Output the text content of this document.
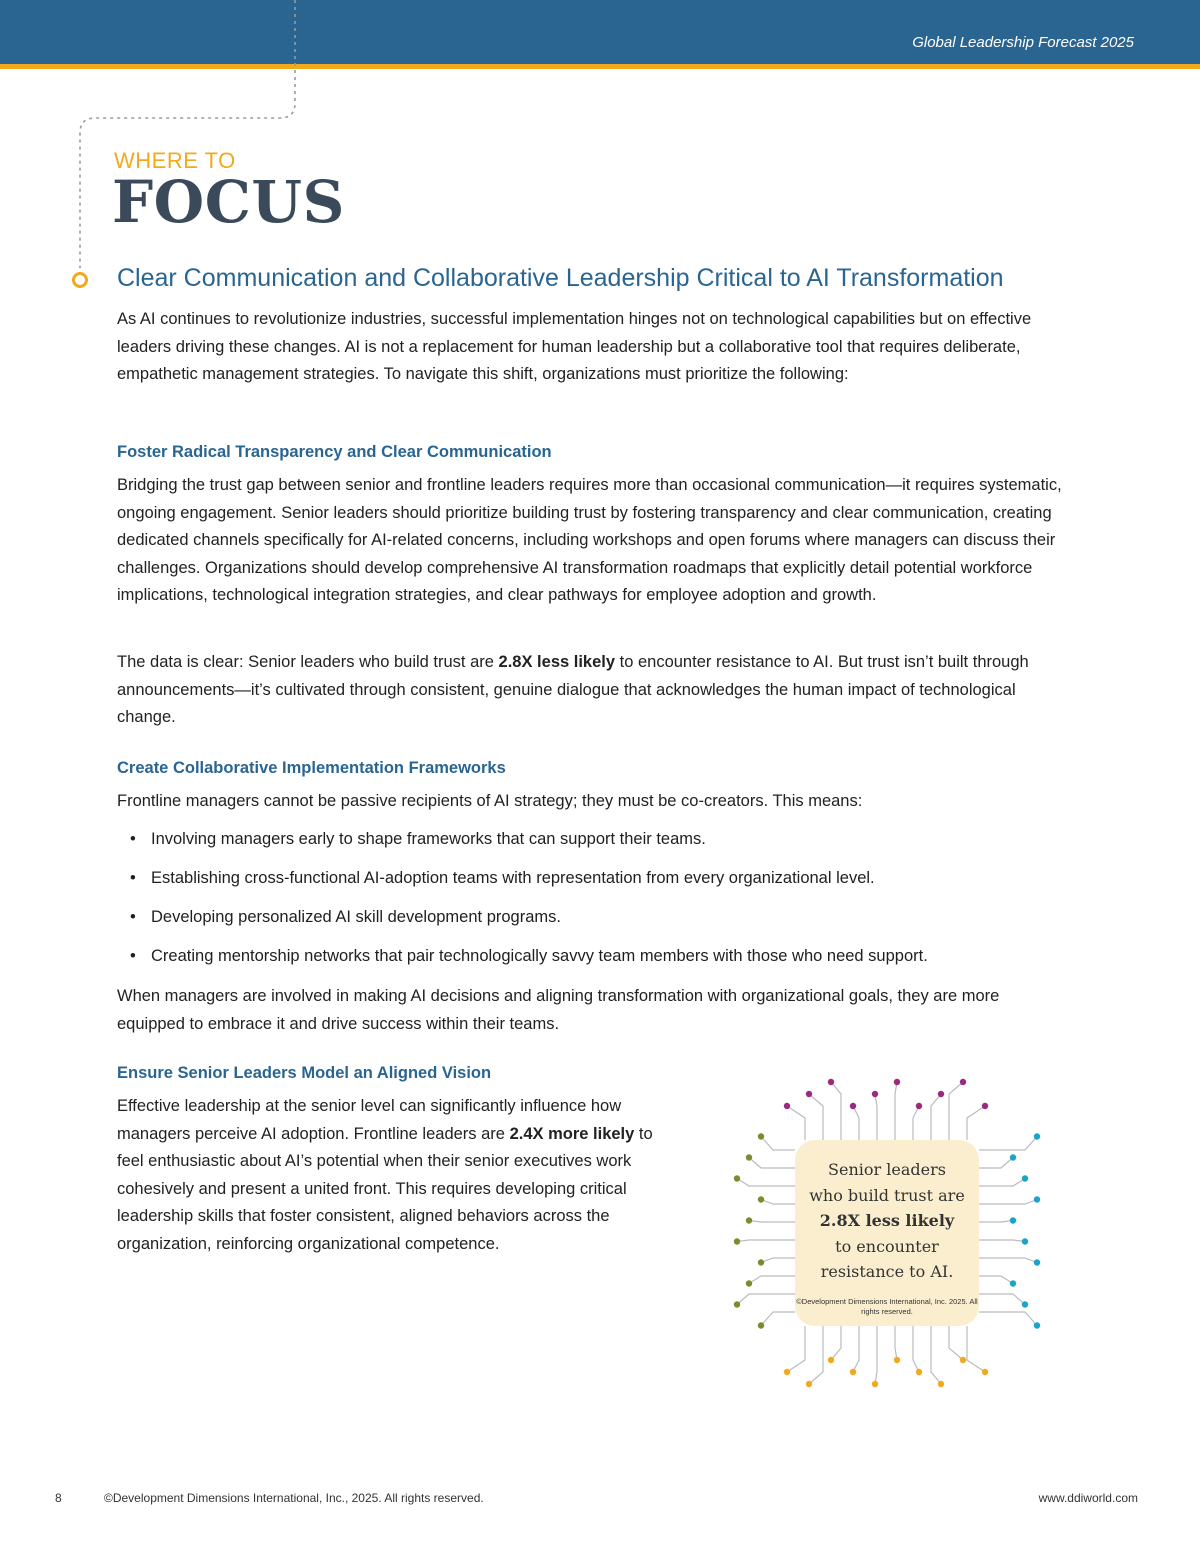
Global Leadership Forecast 2025
WHERE TO
FOCUS
Clear Communication and Collaborative Leadership Critical to AI Transformation
As AI continues to revolutionize industries, successful implementation hinges not on technological capabilities but on effective leaders driving these changes. AI is not a replacement for human leadership but a collaborative tool that requires deliberate, empathetic management strategies. To navigate this shift, organizations must prioritize the following:
Foster Radical Transparency and Clear Communication
Bridging the trust gap between senior and frontline leaders requires more than occasional communication—it requires systematic, ongoing engagement. Senior leaders should prioritize building trust by fostering transparency and clear communication, creating dedicated channels specifically for AI-related concerns, including workshops and open forums where managers can discuss their challenges. Organizations should develop comprehensive AI transformation roadmaps that explicitly detail potential workforce implications, technological integration strategies, and clear pathways for employee adoption and growth.
The data is clear: Senior leaders who build trust are 2.8X less likely to encounter resistance to AI. But trust isn’t built through announcements—it’s cultivated through consistent, genuine dialogue that acknowledges the human impact of technological change.
Create Collaborative Implementation Frameworks
Frontline managers cannot be passive recipients of AI strategy; they must be co-creators. This means:
• Involving managers early to shape frameworks that can support their teams.
• Establishing cross-functional AI-adoption teams with representation from every organizational level.
• Developing personalized AI skill development programs.
• Creating mentorship networks that pair technologically savvy team members with those who need support.
When managers are involved in making AI decisions and aligning transformation with organizational goals, they are more equipped to embrace it and drive success within their teams.
Ensure Senior Leaders Model an Aligned Vision
Effective leadership at the senior level can significantly influence how managers perceive AI adoption. Frontline leaders are 2.4X more likely to feel enthusiastic about AI’s potential when their senior executives work cohesively and present a united front. This requires developing critical leadership skills that foster consistent, aligned behaviors across the organization, reinforcing organizational competence.
Senior leaders
who build trust are
2.8X less likely
to encounter
resistance to AI.
©Development Dimensions International, Inc. 2025. All rights reserved.
8	©Development Dimensions International, Inc., 2025. All rights reserved.	www.ddiworld.com
